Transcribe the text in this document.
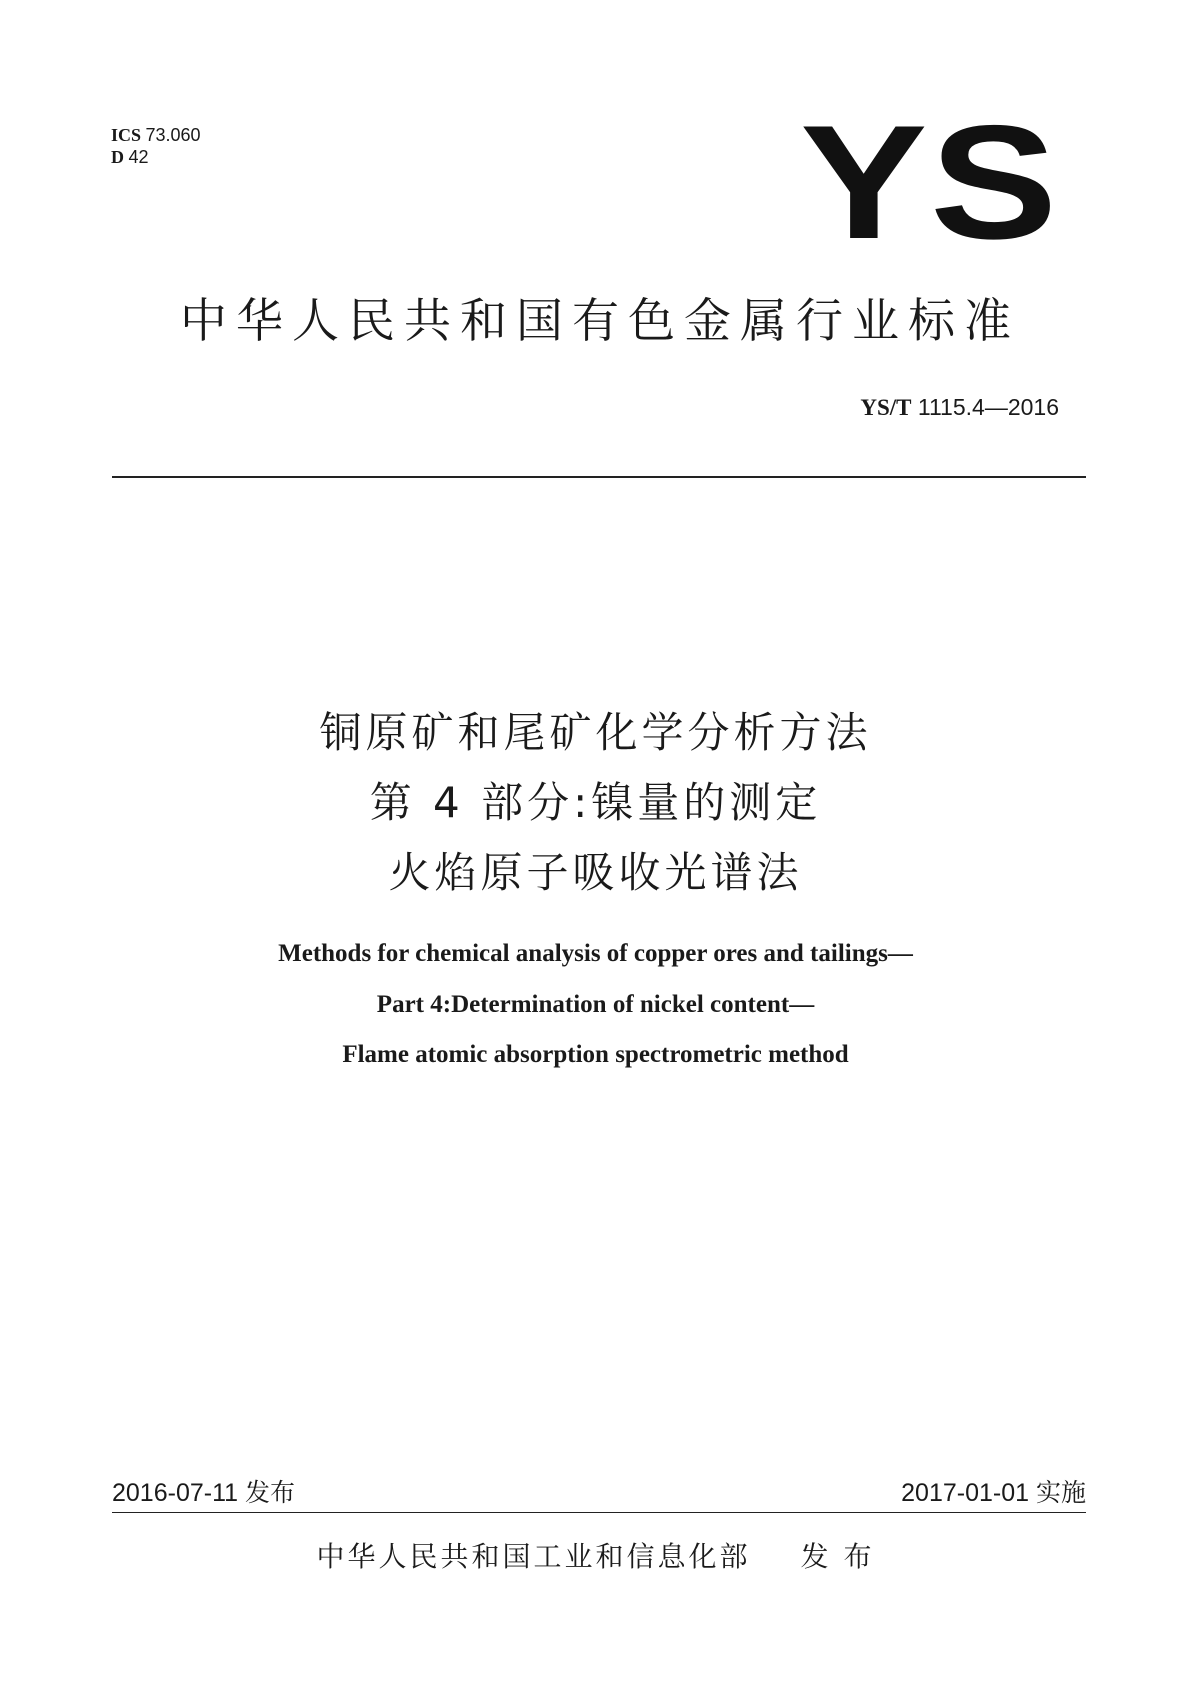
ICS 73.060
D 42	YS
中华人民共和国有色金属行业标准
YS/T 1115.4—2016
铜原矿和尾矿化学分析方法
第 4 部分:镍量的测定
火焰原子吸收光谱法
Methods for chemical analysis of copper ores and tailings—
Part 4:Determination of nickel content—
Flame atomic absorption spectrometric method
2016-07-11 发布	2017-01-01 实施
中华人民共和国工业和信息化部 发 布
